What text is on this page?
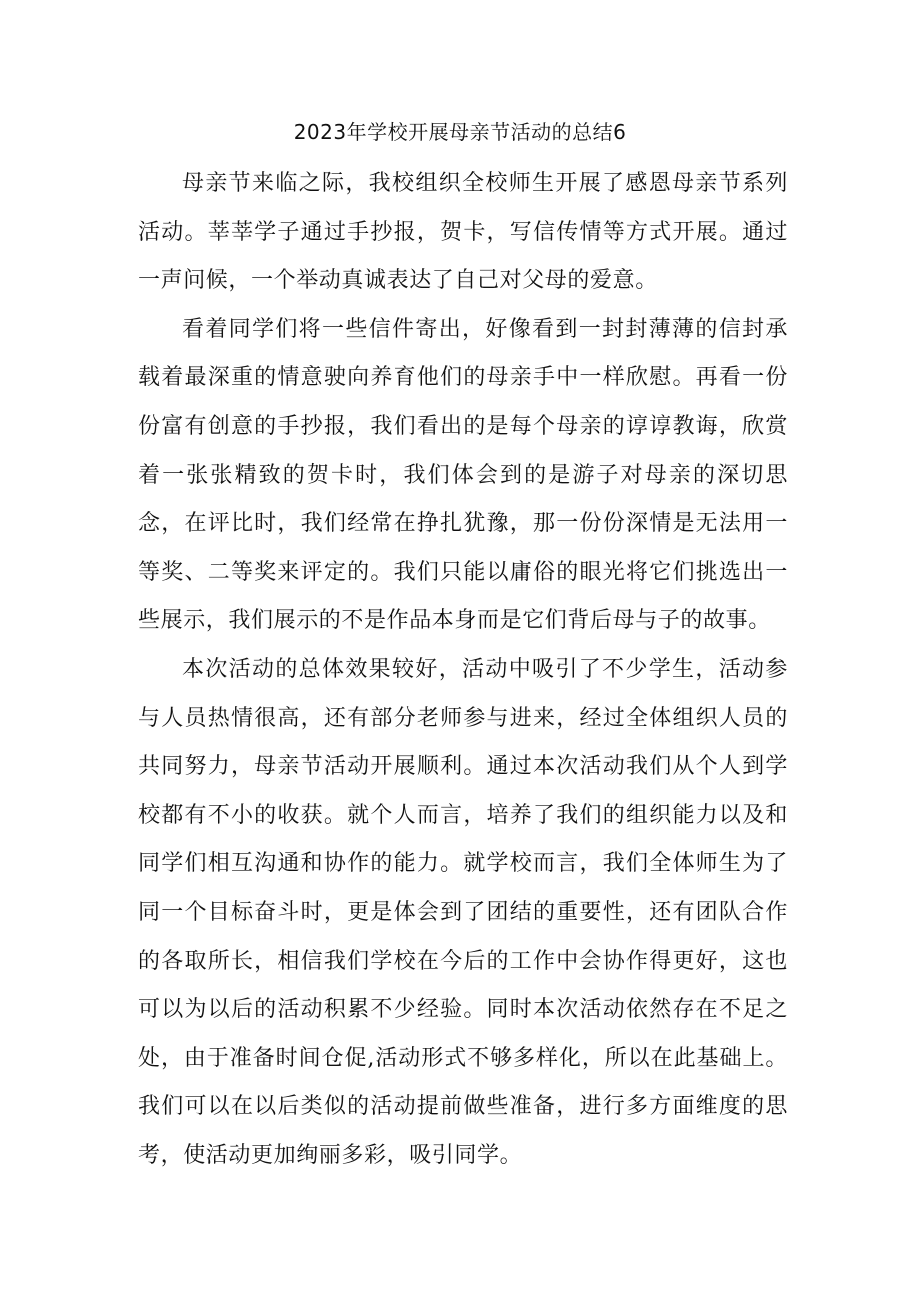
2023年学校开展母亲节活动的总结6

母亲节来临之际，我校组织全校师生开展了感恩母亲节系列活动。莘莘学子通过手抄报，贺卡，写信传情等方式开展。通过一声问候，一个举动真诚表达了自己对父母的爱意。

看着同学们将一些信件寄出，好像看到一封封薄薄的信封承载着最深重的情意驶向养育他们的母亲手中一样欣慰。再看一份份富有创意的手抄报，我们看出的是每个母亲的谆谆教诲，欣赏着一张张精致的贺卡时，我们体会到的是游子对母亲的深切思念，在评比时，我们经常在挣扎犹豫，那一份份深情是无法用一等奖、二等奖来评定的。我们只能以庸俗的眼光将它们挑选出一些展示，我们展示的不是作品本身而是它们背后母与子的故事。

本次活动的总体效果较好，活动中吸引了不少学生，活动参与人员热情很高，还有部分老师参与进来，经过全体组织人员的共同努力，母亲节活动开展顺利。通过本次活动我们从个人到学校都有不小的收获。就个人而言，培养了我们的组织能力以及和同学们相互沟通和协作的能力。就学校而言，我们全体师生为了同一个目标奋斗时，更是体会到了团结的重要性，还有团队合作的各取所长，相信我们学校在今后的工作中会协作得更好，这也可以为以后的活动积累不少经验。同时本次活动依然存在不足之处，由于准备时间仓促,活动形式不够多样化，所以在此基础上。我们可以在以后类似的活动提前做些准备，进行多方面维度的思考，使活动更加绚丽多彩，吸引同学。
